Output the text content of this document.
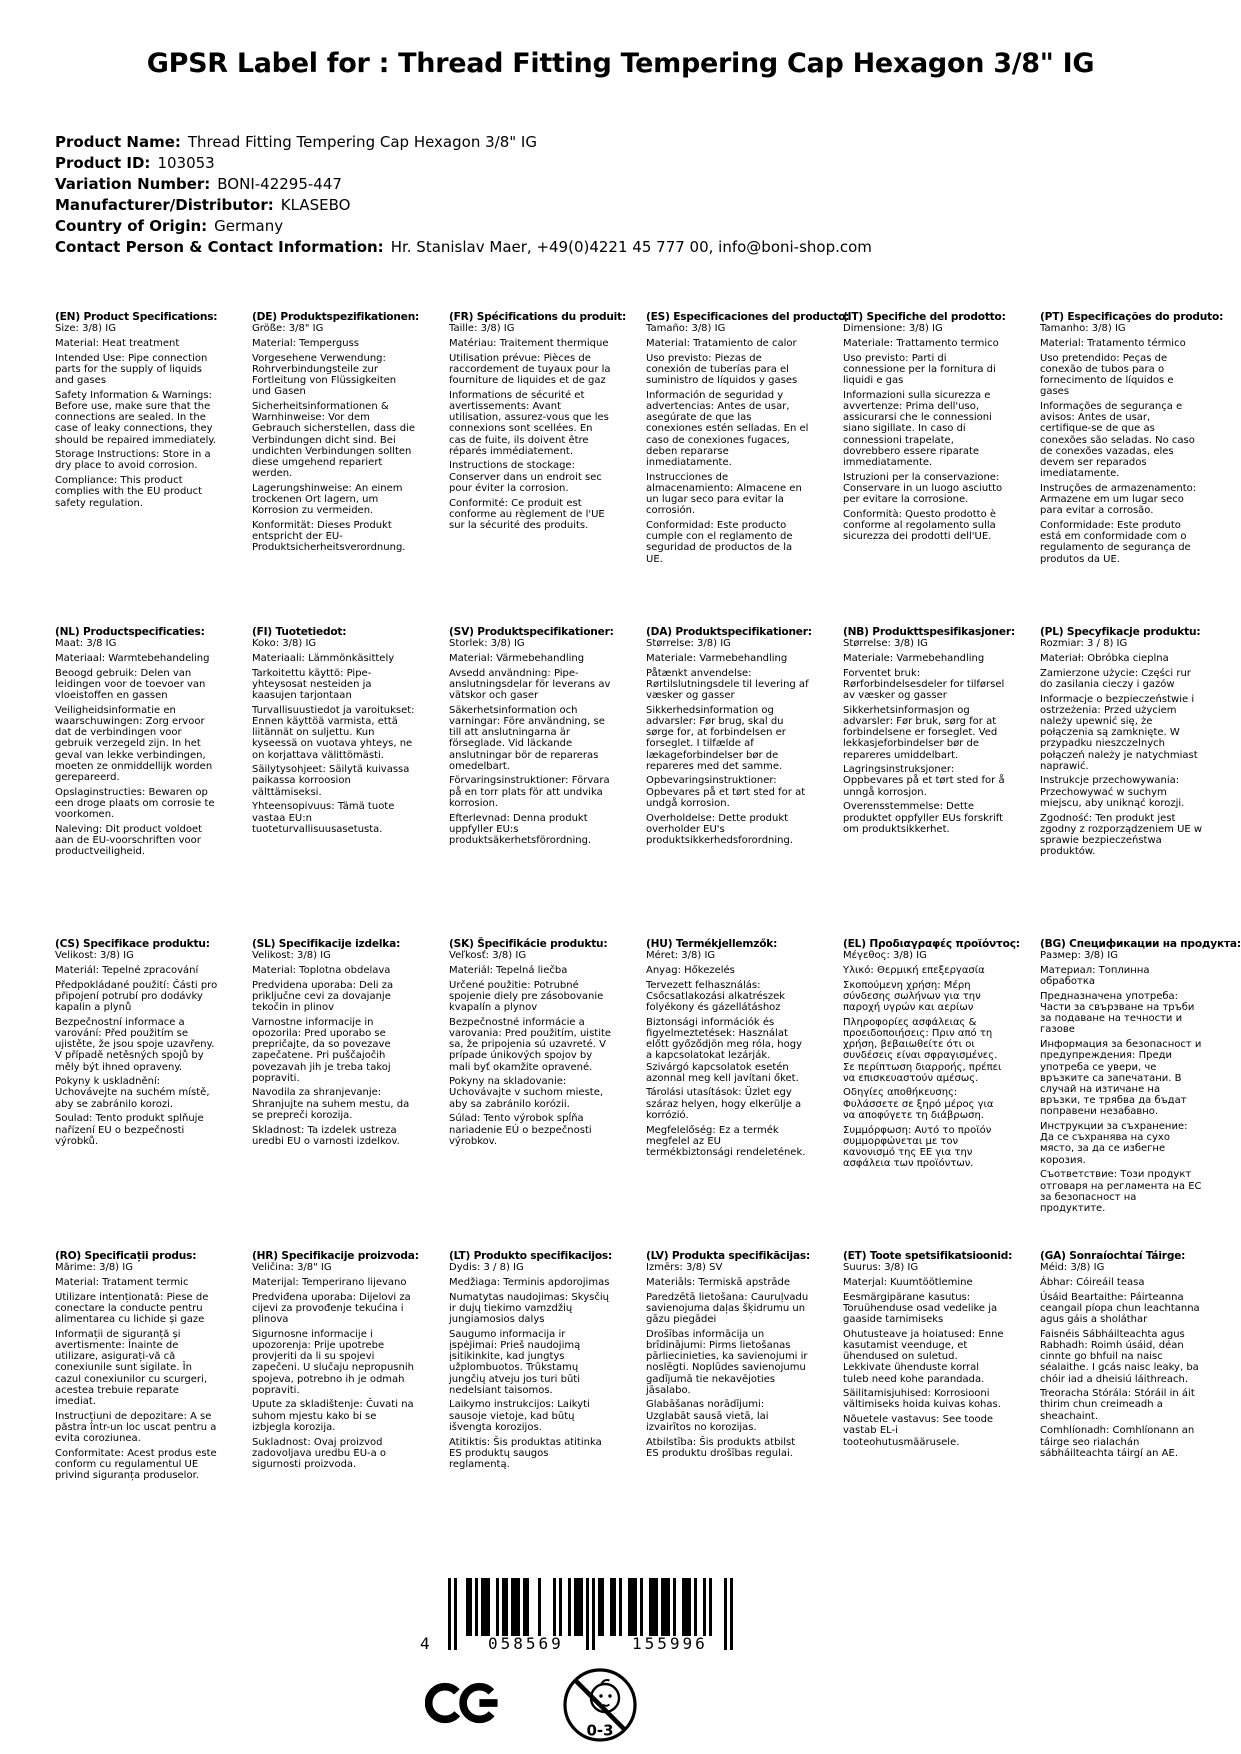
GPSR Label for : Thread Fitting Tempering Cap Hexagon 3/8" IG
Product Name: Thread Fitting Tempering Cap Hexagon 3/8" IG
Product ID: 103053
Variation Number: BONI-42295-447
Manufacturer/Distributor: KLASEBO
Country of Origin: Germany
Contact Person & Contact Information: Hr. Stanislav Maer, +49(0)4221 45 777 00, info@boni-shop.com
(EN) Product Specifications:

Size: 3/8) IG

Material: Heat treatment

Intended Use: Pipe connection parts for the supply of liquids and gases

Safety Information & Warnings: Before use, make sure that the connections are sealed. In the case of leaky connections, they should be repaired immediately.

Storage Instructions: Store in a dry place to avoid corrosion.

Compliance: This product complies with the EU product safety regulation.

(DE) Produktspezifikationen:

Größe: 3/8" IG

Material: Temperguss

Vorgesehene Verwendung: Rohrverbindungsteile zur Fortleitung von Flüssigkeiten und Gasen

Sicherheitsinformationen & Warnhinweise: Vor dem Gebrauch sicherstellen, dass die Verbindungen dicht sind. Bei undichten Verbindungen sollten diese umgehend repariert werden.

Lagerungshinweise: An einem trockenen Ort lagern, um Korrosion zu vermeiden.

Konformität: Dieses Produkt entspricht der EU-Produktsicherheitsverordnung.

(FR) Spécifications du produit:

Taille: 3/8) IG

Matériau: Traitement thermique

Utilisation prévue: Pièces de raccordement de tuyaux pour la fourniture de liquides et de gaz

Informations de sécurité et avertissements: Avant utilisation, assurez-vous que les connexions sont scellées. En cas de fuite, ils doivent être réparés immédiatement.

Instructions de stockage: Conserver dans un endroit sec pour éviter la corrosion.

Conformité: Ce produit est conforme au règlement de l'UE sur la sécurité des produits.

(ES) Especificaciones del producto:

Tamaño: 3/8) IG

Material: Tratamiento de calor

Uso previsto: Piezas de conexión de tuberías para el suministro de líquidos y gases

Información de seguridad y advertencias: Antes de usar, asegúrate de que las conexiones estén selladas. En el caso de conexiones fugaces, deben repararse inmediatamente.

Instrucciones de almacenamiento: Almacene en un lugar seco para evitar la corrosión.

Conformidad: Este producto cumple con el reglamento de seguridad de productos de la UE.

(IT) Specifiche del prodotto:

Dimensione: 3/8) IG

Materiale: Trattamento termico

Uso previsto: Parti di connessione per la fornitura di liquidi e gas

Informazioni sulla sicurezza e avvertenze: Prima dell'uso, assicurarsi che le connessioni siano sigillate. In caso di connessioni trapelate, dovrebbero essere riparate immediatamente.

Istruzioni per la conservazione: Conservare in un luogo asciutto per evitare la corrosione.

Conformità: Questo prodotto è conforme al regolamento sulla sicurezza dei prodotti dell'UE.

(PT) Especificações do produto:

Tamanho: 3/8) IG

Material: Tratamento térmico

Uso pretendido: Peças de conexão de tubos para o fornecimento de líquidos e gases

Informações de segurança e avisos: Antes de usar, certifique-se de que as conexões são seladas. No caso de conexões vazadas, eles devem ser reparados imediatamente.

Instruções de armazenamento: Armazene em um lugar seco para evitar a corrosão.

Conformidade: Este produto está em conformidade com o regulamento de segurança de produtos da UE.

(NL) Productspecificaties:

Maat: 3/8 IG

Materiaal: Warmtebehandeling

Beoogd gebruik: Delen van leidingen voor de toevoer van vloeistoffen en gassen

Veiligheidsinformatie en waarschuwingen: Zorg ervoor dat de verbindingen voor gebruik verzegeld zijn. In het geval van lekke verbindingen, moeten ze onmiddellijk worden gerepareerd.

Opslaginstructies: Bewaren op een droge plaats om corrosie te voorkomen.

Naleving: Dit product voldoet aan de EU-voorschriften voor productveiligheid.

(FI) Tuotetiedot:

Koko: 3/8) IG

Materiaali: Lämmönkäsittely

Tarkoitettu käyttö: Pipe-yhteysosat nesteiden ja kaasujen tarjontaan

Turvallisuustiedot ja varoitukset: Ennen käyttöä varmista, että liitännät on suljettu. Kun kyseessä on vuotava yhteys, ne on korjattava välittömästi.

Säilytysohjeet: Säilytä kuivassa paikassa korroosion välttämiseksi.

Yhteensopivuus: Tämä tuote vastaa EU:n tuoteturvallisuusasetusta.

(SV) Produktspecifikationer:

Storlek: 3/8) IG

Material: Värmebehandling

Avsedd användning: Pipe-anslutningsdelar för leverans av vätskor och gaser

Säkerhetsinformation och varningar: Före användning, se till att anslutningarna är förseglade. Vid läckande anslutningar bör de repareras omedelbart.

Förvaringsinstruktioner: Förvara på en torr plats för att undvika korrosion.

Efterlevnad: Denna produkt uppfyller EU:s produktsäkerhetsförordning.

(DA) Produktspecifikationer:

Størrelse: 3/8) IG

Materiale: Varmebehandling

Påtænkt anvendelse: Rørtilslutningsdele til levering af væsker og gasser

Sikkerhedsinformation og advarsler: Før brug, skal du sørge for, at forbindelsen er forseglet. I tilfælde af lækageforbindelser bør de repareres med det samme.

Opbevaringsinstruktioner: Opbevares på et tørt sted for at undgå korrosion.

Overholdelse: Dette produkt overholder EU's produktsikkerhedsforordning.

(NB) Produkttspesifikasjoner:

Størrelse: 3/8) IG

Materiale: Varmebehandling

Forventet bruk: Rørforbindelsesdeler for tilførsel av væsker og gasser

Sikkerhetsinformasjon og advarsler: Før bruk, sørg for at forbindelsene er forseglet. Ved lekkasjeforbindelser bør de repareres umiddelbart.

Lagringsinstruksjoner: Oppbevares på et tørt sted for å unngå korrosjon.

Overensstemmelse: Dette produktet oppfyller EUs forskrift om produktsikkerhet.

(PL) Specyfikacje produktu:

Rozmiar: 3 / 8) IG

Materiał: Obróbka cieplna

Zamierzone użycie: Części rur do zasilania cieczy i gazów

Informacje o bezpieczeństwie i ostrzeżenia: Przed użyciem należy upewnić się, że połączenia są zamknięte. W przypadku nieszczelnych połączeń należy je natychmiast naprawić.

Instrukcje przechowywania: Przechowywać w suchym miejscu, aby uniknąć korozji.

Zgodność: Ten produkt jest zgodny z rozporządzeniem UE w sprawie bezpieczeństwa produktów.

(CS) Specifikace produktu:

Velikost: 3/8) IG

Materiál: Tepelné zpracování

Předpokládané použití: Části pro připojení potrubí pro dodávky kapalin a plynů

Bezpečnostní informace a varování: Před použitím se ujistěte, že jsou spoje uzavřeny. V případě netěsných spojů by měly být ihned opraveny.

Pokyny k uskladnění: Uchovávejte na suchém místě, aby se zabránilo korozi.

Soulad: Tento produkt splňuje nařízení EU o bezpečnosti výrobků.

(SL) Specifikacije izdelka:

Velikost: 3/8) IG

Material: Toplotna obdelava

Predvidena uporaba: Deli za priključne cevi za dovajanje tekočin in plinov

Varnostne informacije in opozorila: Pred uporabo se prepričajte, da so povezave zapečatene. Pri puščajočih povezavah jih je treba takoj popraviti.

Navodila za shranjevanje: Shranjujte na suhem mestu, da se prepreči korozija.

Skladnost: Ta izdelek ustreza uredbi EU o varnosti izdelkov.

(SK) Špecifikácie produktu:

Veľkosť: 3/8) IG

Materiál: Tepelná liečba

Určené použitie: Potrubné spojenie diely pre zásobovanie kvapalín a plynov

Bezpečnostné informácie a varovania: Pred použitím, uistite sa, že pripojenia sú uzavreté. V prípade únikových spojov by mali byť okamžite opravené.

Pokyny na skladovanie: Uchovávajte v suchom mieste, aby sa zabránilo korózii.

Súlad: Tento výrobok spĺňa nariadenie EÚ o bezpečnosti výrobkov.

(HU) Termékjellemzők:

Méret: 3/8) IG

Anyag: Hőkezelés

Tervezett felhasználás: Csőcsatlakozási alkatrészek folyékony és gázellátáshoz

Biztonsági információk és figyelmeztetések: Használat előtt győződjön meg róla, hogy a kapcsolatokat lezárják. Szivárgó kapcsolatok esetén azonnal meg kell javítani őket.

Tárolási utasítások: Üzlet egy száraz helyen, hogy elkerülje a korrózió.

Megfelelőség: Ez a termék megfelel az EU termékbiztonsági rendeletének.

(EL) Προδιαγραφές προϊόντος:

Μέγεθος: 3/8) IG

Υλικό: Θερμική επεξεργασία

Σκοπούμενη χρήση: Μέρη σύνδεσης σωλήνων για την παροχή υγρών και αερίων

Πληροφορίες ασφάλειας & προειδοποιήσεις: Πριν από τη χρήση, βεβαιωθείτε ότι οι συνδέσεις είναι σφραγισμένες. Σε περίπτωση διαρροής, πρέπει να επισκευαστούν αμέσως.

Οδηγίες αποθήκευσης: Φυλάσσετε σε ξηρό μέρος για να αποφύγετε τη διάβρωση.

Συμμόρφωση: Αυτό το προϊόν συμμορφώνεται με τον κανονισμό της ΕΕ για την ασφάλεια των προϊόντων.

(BG) Спецификации на продукта:

Размер: 3/8) IG

Материал: Топлинна обработка

Предназначена употреба: Части за свързване на тръби за подаване на течности и газове

Информация за безопасност и предупреждения: Преди употреба се увери, че връзките са запечатани. В случай на изтичане на връзки, те трябва да бъдат поправени незабавно.

Инструкции за съхранение: Да се съхранява на сухо място, за да се избегне корозия.

Съответствие: Този продукт отговаря на регламента на ЕС за безопасност на продуктите.

(RO) Specificații produs:

Mărime: 3/8) IG

Material: Tratament termic

Utilizare intenționată: Piese de conectare la conducte pentru alimentarea cu lichide și gaze

Informații de siguranță și avertismente: Înainte de utilizare, asigurați-vă că conexiunile sunt sigilate. În cazul conexiunilor cu scurgeri, acestea trebuie reparate imediat.

Instrucțiuni de depozitare: A se păstra într-un loc uscat pentru a evita coroziunea.

Conformitate: Acest produs este conform cu regulamentul UE privind siguranța produselor.

(HR) Specifikacije proizvoda:

Veličina: 3/8" IG

Materijal: Temperirano lijevano

Predviđena uporaba: Dijelovi za cijevi za provođenje tekućina i plinova

Sigurnosne informacije i upozorenja: Prije upotrebe provjeriti da li su spojevi zapečeni. U slučaju nepropusnih spojeva, potrebno ih je odmah popraviti.

Upute za skladištenje: Čuvati na suhom mjestu kako bi se izbjegla korozija.

Sukladnost: Ovaj proizvod zadovoljava uredbu EU-a o sigurnosti proizvoda.

(LT) Produkto specifikacijos:

Dydis: 3 / 8) IG

Medžiaga: Terminis apdorojimas

Numatytas naudojimas: Skysčių ir dujų tiekimo vamzdžių jungiamosios dalys

Saugumo informacija ir įspėjimai: Prieš naudojimą įsitikinkite, kad jungtys užplombuotos. Trūkstamų jungčių atveju jos turi būti nedelsiant taisomos.

Laikymo instrukcijos: Laikyti sausoje vietoje, kad būtų išvengta korozijos.

Atitiktis: Šis produktas atitinka ES produktų saugos reglamentą.

(LV) Produkta specifikācijas:

Izmērs: 3/8) SV

Materiāls: Termiskā apstrāde

Paredzētā lietošana: Cauruļvadu savienojuma daļas šķidrumu un gāzu piegādei

Drošības informācija un brīdinājumi: Pirms lietošanas pārliecinieties, ka savienojumi ir noslēgti. Noplūdes savienojumu gadījumā tie nekavējoties jāsalabo.

Glabāšanas norādījumi: Uzglabāt sausā vietā, lai izvairītos no korozijas.

Atbilstība: Šis produkts atbilst ES produktu drošības regulai.

(ET) Toote spetsifikatsioonid:

Suurus: 3/8) IG

Materjal: Kuumtöötlemine

Eesmärgipärane kasutus: Toruühenduse osad vedelike ja gaaside tarnimiseks

Ohutusteave ja hoiatused: Enne kasutamist veenduge, et ühendused on suletud. Lekkivate ühenduste korral tuleb need kohe parandada.

Säilitamisjuhised: Korrosiooni vältimiseks hoida kuivas kohas.

Nõuetele vastavus: See toode vastab EL-i tooteohutusmäärusele.

(GA) Sonraíochtaí Táirge:

Méid: 3/8) IG

Ábhar: Cóireáil teasa

Úsáid Beartaithe: Páirteanna ceangail píopa chun leachtanna agus gáis a sholáthar

Faisnéis Sábháilteachta agus Rabhadh: Roimh úsáid, déan cinnte go bhfuil na naisc séalaithe. I gcás naisc leaky, ba chóir iad a dheisiú láithreach.

Treoracha Stórála: Stóráil in áit thirim chun creimeadh a sheachaint.

Comhlíonadh: Comhlíonann an táirge seo rialachán sábháilteachta táirgí an AE.

4	058569	155996
0-3
